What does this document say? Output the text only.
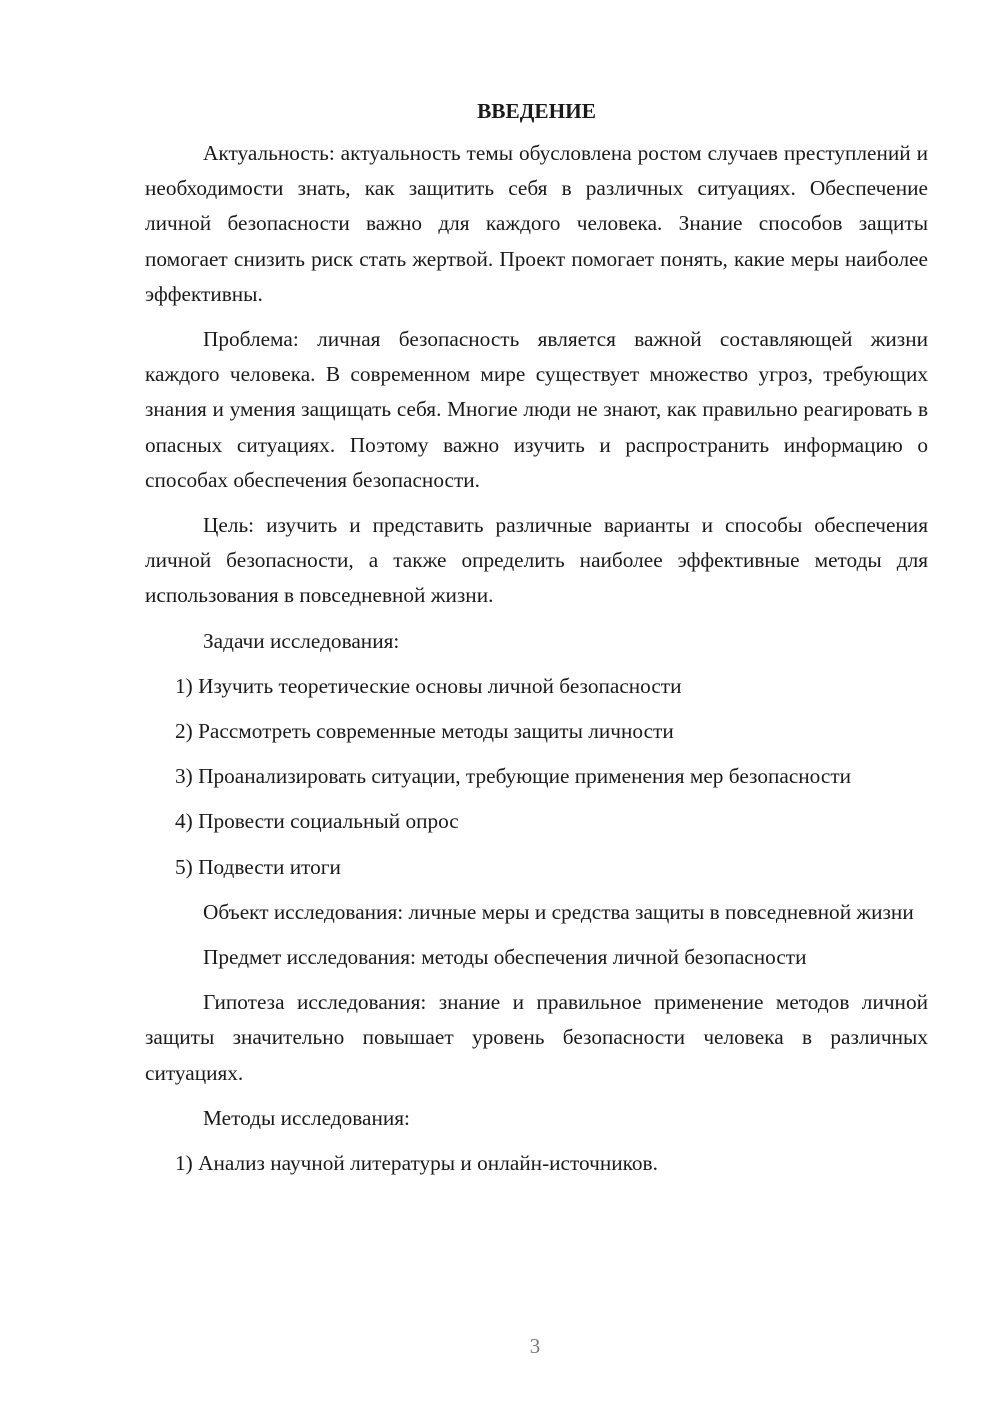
ВВЕДЕНИЕ

Актуальность: актуальность темы обусловлена ростом случаев преступлений и необходимости знать, как защитить себя в различных ситуациях. Обеспечение личной безопасности важно для каждого человека. Знание способов защиты помогает снизить риск стать жертвой. Проект помогает понять, какие меры наиболее эффективны.

Проблема: личная безопасность является важной составляющей жизни каждого человека. В современном мире существует множество угроз, требующих знания и умения защищать себя. Многие люди не знают, как правильно реагировать в опасных ситуациях. Поэтому важно изучить и распространить информацию о способах обеспечения безопасности.

Цель: изучить и представить различные варианты и способы обеспечения личной безопасности, а также определить наиболее эффективные методы для использования в повседневной жизни.

Задачи исследования:

1) Изучить теоретические основы личной безопасности

2) Рассмотреть современные методы защиты личности

3) Проанализировать ситуации, требующие применения мер безопасности

4) Провести социальный опрос

5) Подвести итоги

Объект исследования: личные меры и средства защиты в повседневной жизни

Предмет исследования: методы обеспечения личной безопасности

Гипотеза исследования: знание и правильное применение методов личной защиты значительно повышает уровень безопасности человека в различных ситуациях.

Методы исследования:

1) Анализ научной литературы и онлайн-источников.

3
